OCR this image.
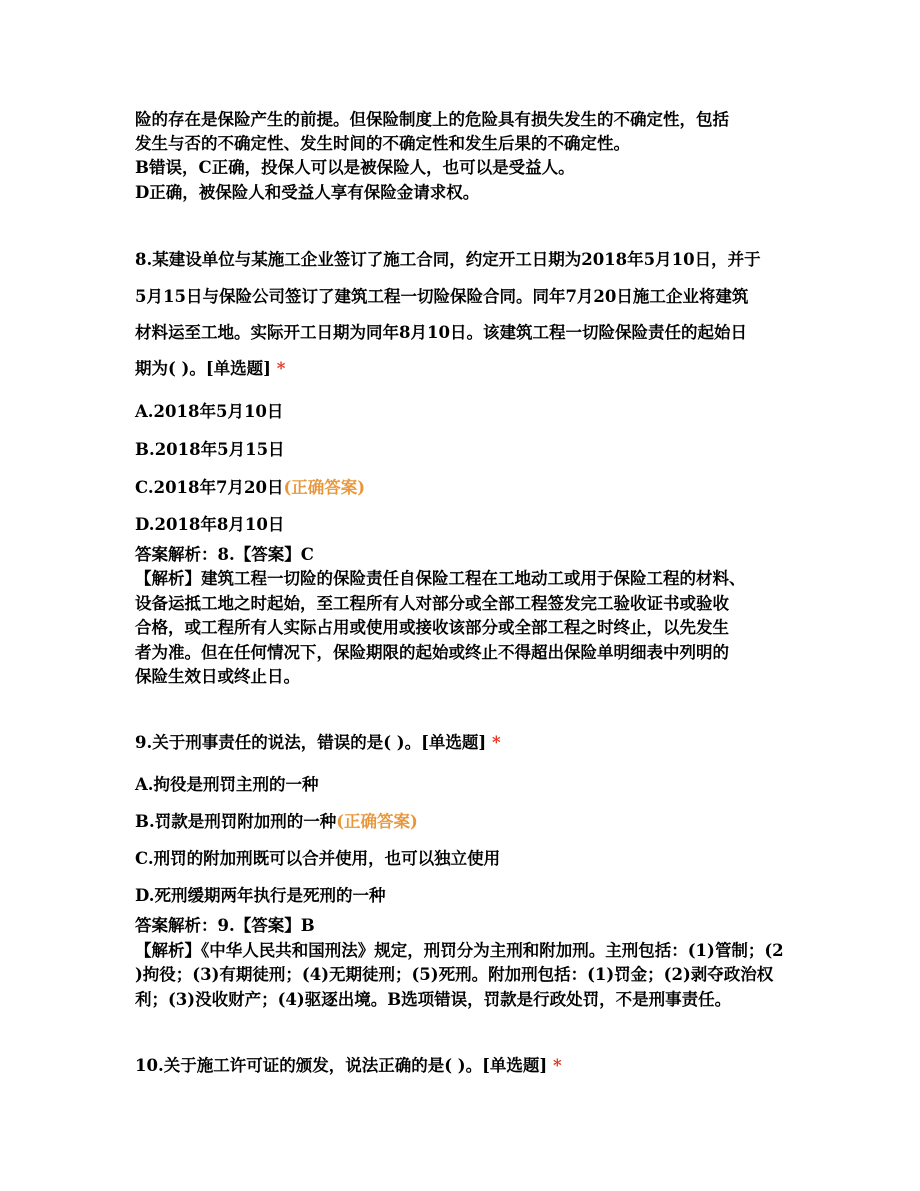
险的存在是保险产生的前提。但保险制度上的危险具有损失发生的不确定性，包括
发生与否的不确定性、发生时间的不确定性和发生后果的不确定性。
B错误，C正确，投保人可以是被保险人，也可以是受益人。
D正确，被保险人和受益人享有保险金请求权。
8.某建设单位与某施工企业签订了施工合同，约定开工日期为2018年5月10日，并于
5月15日与保险公司签订了建筑工程一切险保险合同。同年7月20日施工企业将建筑
材料运至工地。实际开工日期为同年8月10日。该建筑工程一切险保险责任的起始日
期为( )。[单选题] *
A.2018年5月10日
B.2018年5月15日
C.2018年7月20日(正确答案)
D.2018年8月10日
答案解析：8.【答案】C
【解析】建筑工程一切险的保险责任自保险工程在工地动工或用于保险工程的材料、
设备运抵工地之时起始，至工程所有人对部分或全部工程签发完工验收证书或验收
合格，或工程所有人实际占用或使用或接收该部分或全部工程之时终止，以先发生
者为准。但在任何情况下，保险期限的起始或终止不得超出保险单明细表中列明的
保险生效日或终止日。
9.关于刑事责任的说法，错误的是( )。[单选题] *
A.拘役是刑罚主刑的一种
B.罚款是刑罚附加刑的一种(正确答案)
C.刑罚的附加刑既可以合并使用，也可以独立使用
D.死刑缓期两年执行是死刑的一种
答案解析：9.【答案】B
【解析】《中华人民共和国刑法》规定，刑罚分为主刑和附加刑。主刑包括：(1)管制；(2
)拘役；(3)有期徒刑；(4)无期徒刑；(5)死刑。附加刑包括：(1)罚金；(2)剥夺政治权
利；(3)没收财产；(4)驱逐出境。B选项错误，罚款是行政处罚，不是刑事责任。
10.关于施工许可证的颁发，说法正确的是( )。[单选题] *
